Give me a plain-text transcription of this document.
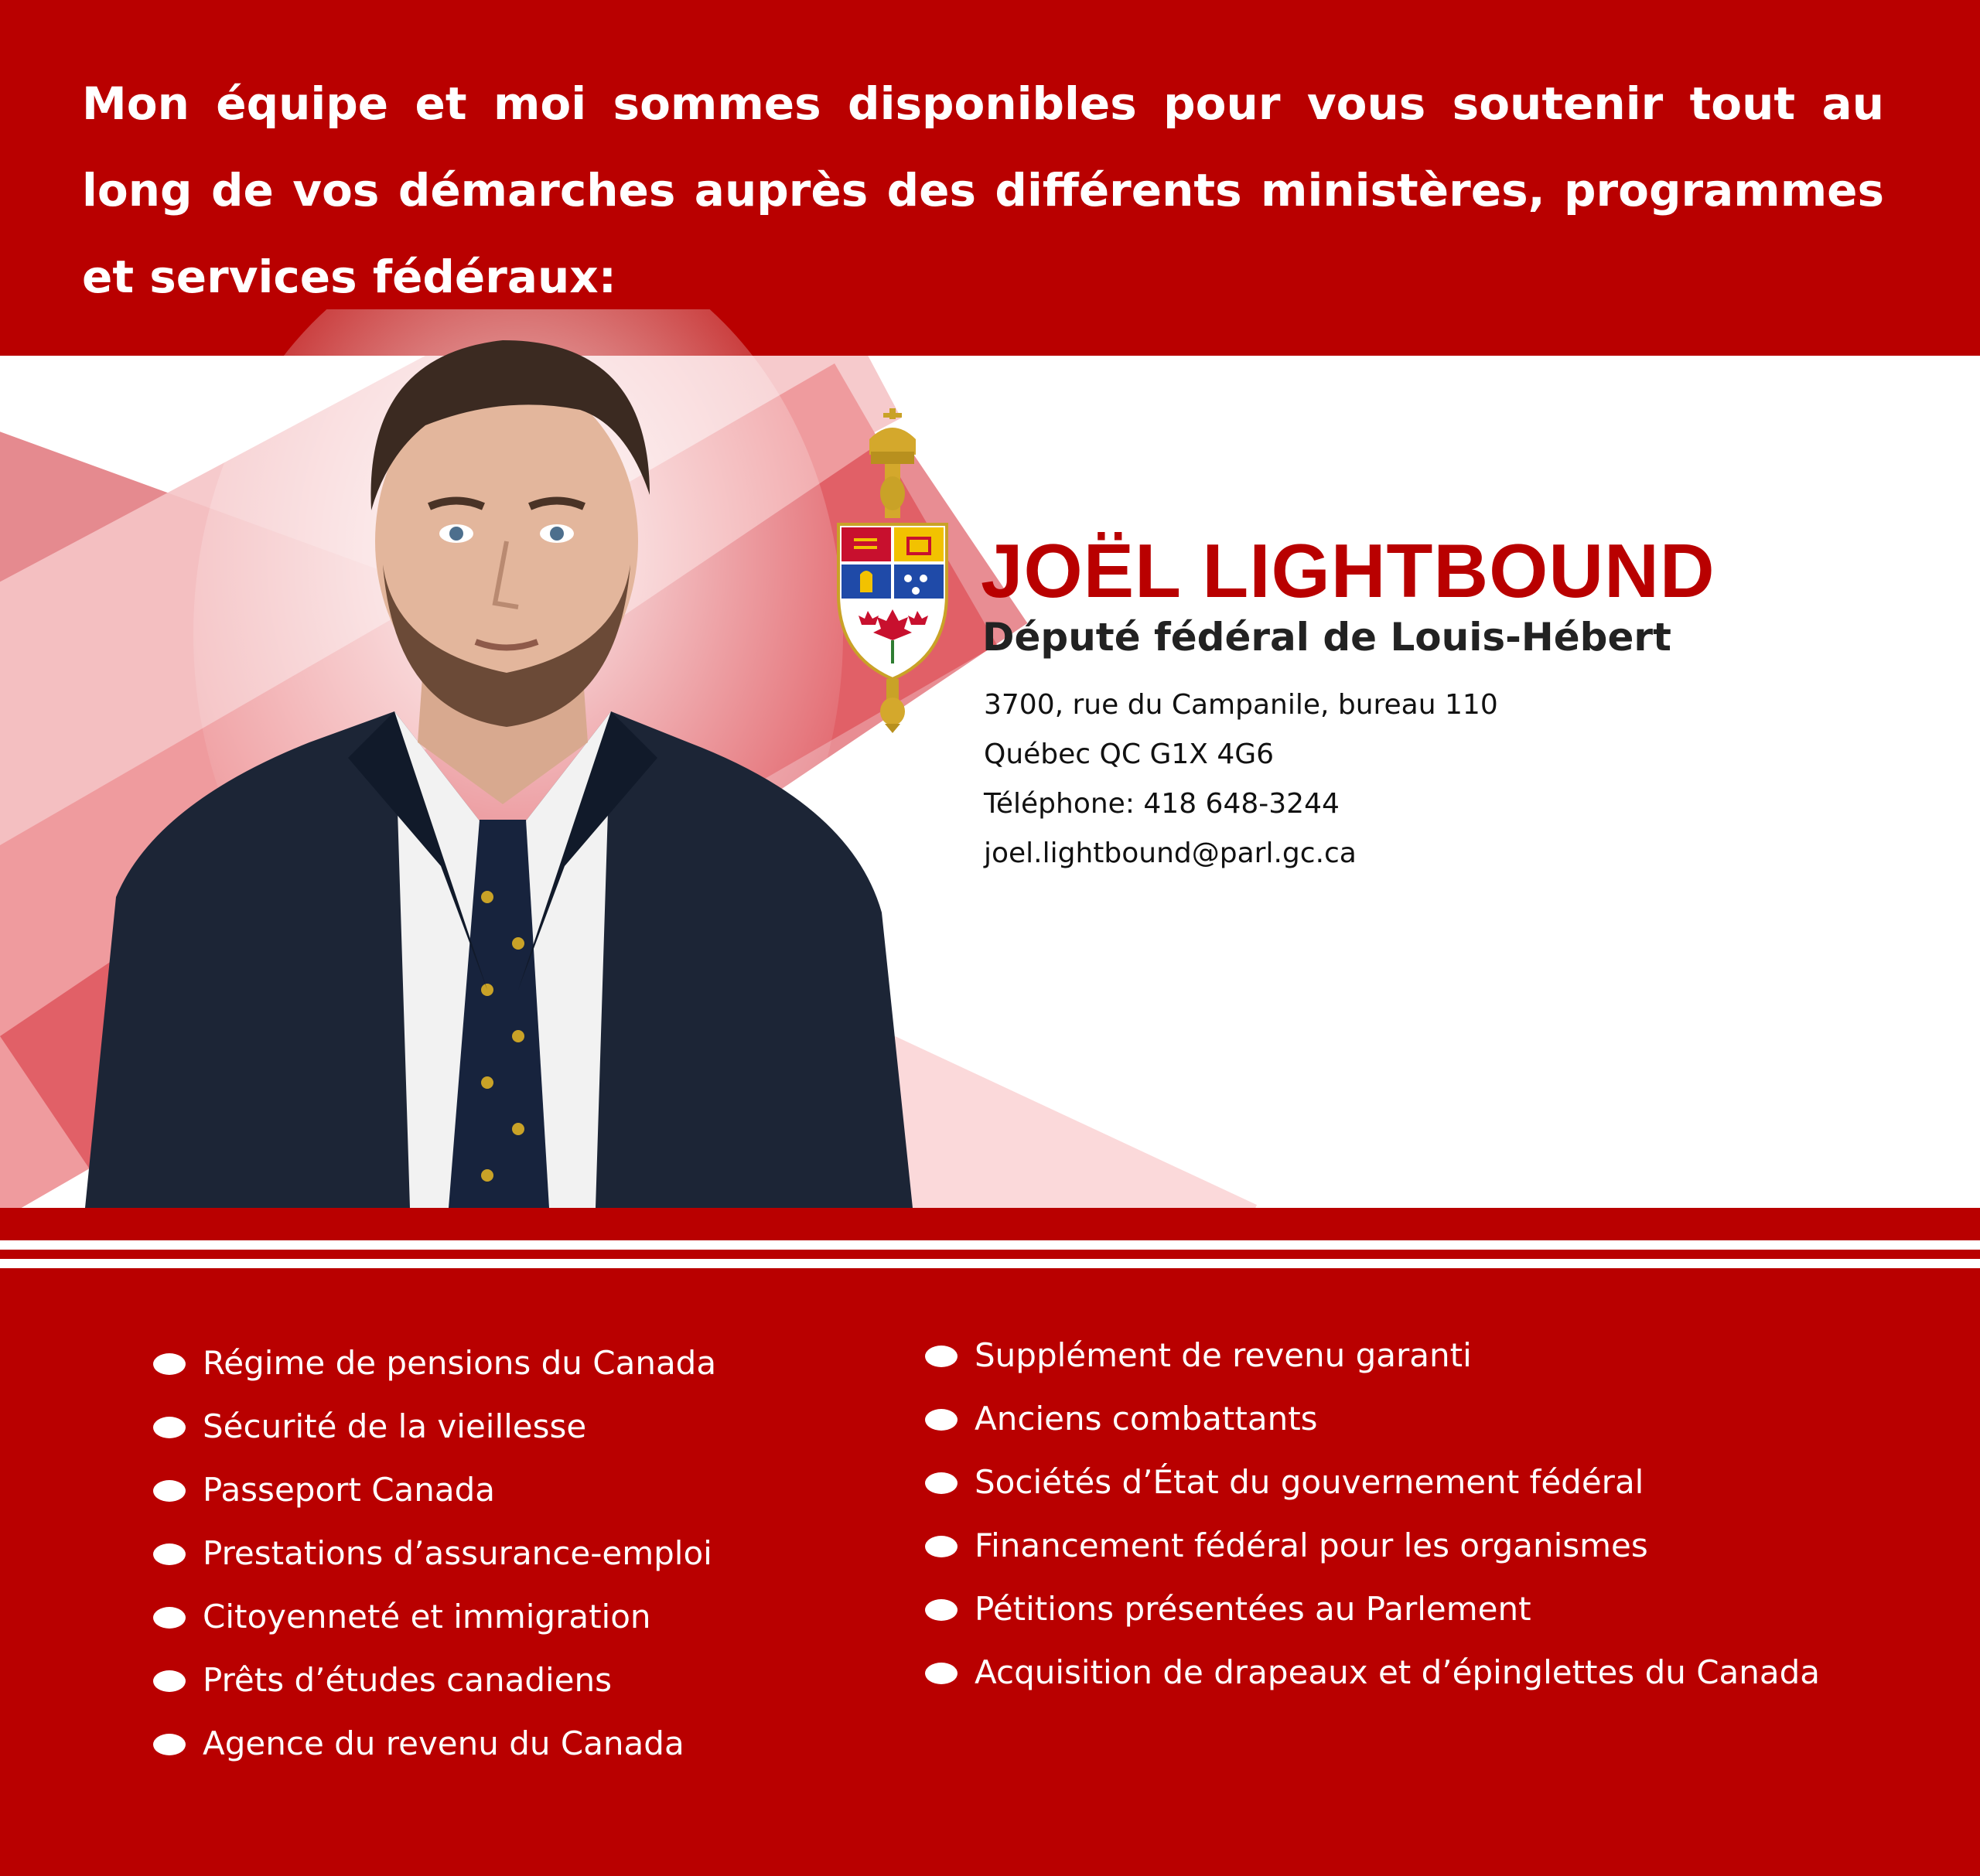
Mon équipe et moi sommes disponibles pour vous soutenir tout au long de vos démarches auprès des différents ministères, programmes et services fédéraux:

JOËL LIGHTBOUND
Député fédéral de Louis-Hébert
3700, rue du Campanile, bureau 110
Québec QC G1X 4G6
Téléphone: 418 648-3244
joel.lightbound@parl.gc.ca
Régime de pensions du Canada
Sécurité de la vieillesse
Passeport Canada
Prestations d’assurance-emploi
Citoyenneté et immigration
Prêts d’études canadiens
Agence du revenu du Canada
Supplément de revenu garanti
Anciens combattants
Sociétés d’État du gouvernement fédéral
Financement fédéral pour les organismes
Pétitions présentées au Parlement
Acquisition de drapeaux et d’épinglettes du Canada
